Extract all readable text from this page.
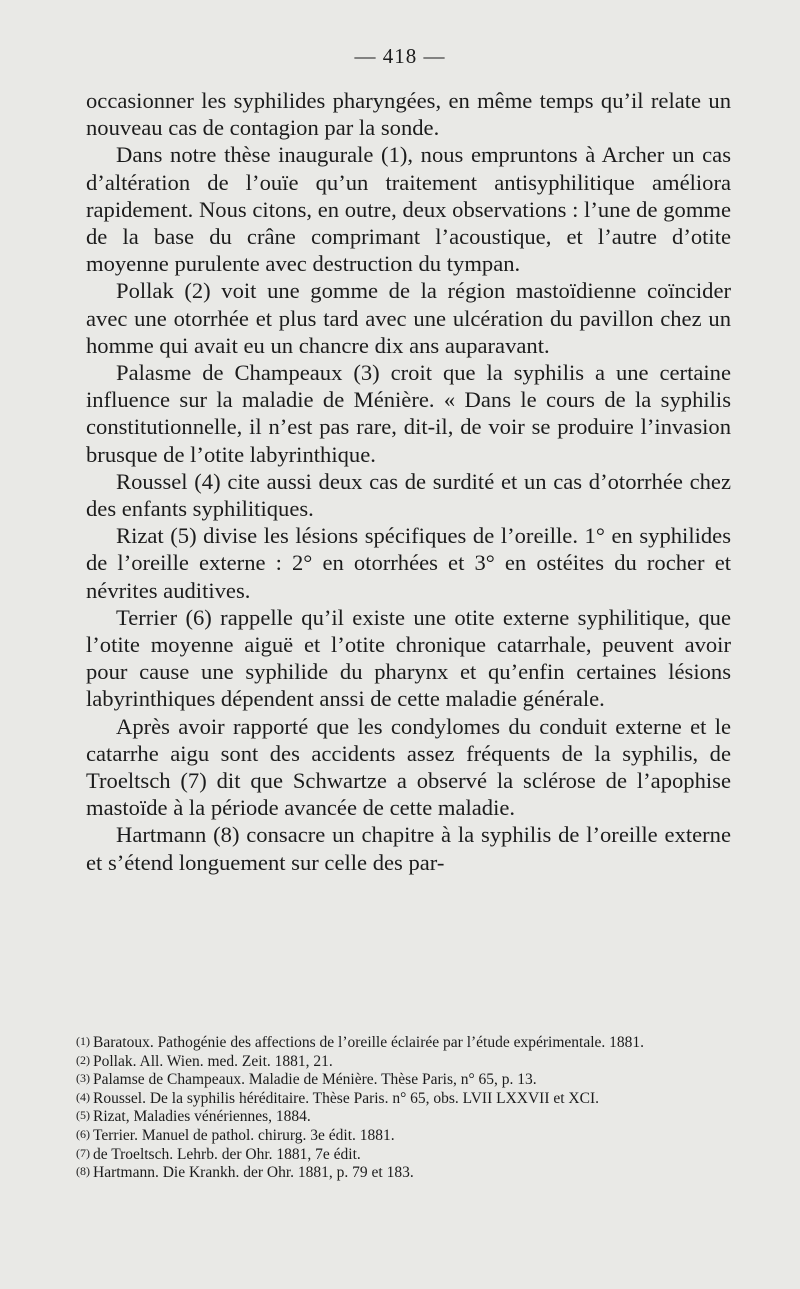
— 418 —

occasionner les syphilides pharyngées, en même temps qu’il relate un nouveau cas de contagion par la sonde.

Dans notre thèse inaugurale (1), nous empruntons à Archer un cas d’altération de l’ouïe qu’un traitement antisyphilitique améliora rapidement. Nous citons, en outre, deux observations : l’une de gomme de la base du crâne comprimant l’acoustique, et l’autre d’otite moyenne purulente avec destruction du tympan.

Pollak (2) voit une gomme de la région mastoïdienne coïncider avec une otorrhée et plus tard avec une ulcération du pavillon chez un homme qui avait eu un chancre dix ans auparavant.

Palasme de Champeaux (3) croit que la syphilis a une certaine influence sur la maladie de Ménière. « Dans le cours de la syphilis constitutionnelle, il n’est pas rare, dit-il, de voir se produire l’invasion brusque de l’otite labyrinthique.

Roussel (4) cite aussi deux cas de surdité et un cas d’otorrhée chez des enfants syphilitiques.

Rizat (5) divise les lésions spécifiques de l’oreille. 1° en syphilides de l’oreille externe : 2° en otorrhées et 3° en ostéites du rocher et névrites auditives.

Terrier (6) rappelle qu’il existe une otite externe syphilitique, que l’otite moyenne aiguë et l’otite chronique catarrhale, peuvent avoir pour cause une syphilide du pharynx et qu’enfin certaines lésions labyrinthiques dépendent anssi de cette maladie générale.

Après avoir rapporté que les condylomes du conduit externe et le catarrhe aigu sont des accidents assez fréquents de la syphilis, de Troeltsch (7) dit que Schwartze a observé la sclérose de l’apophise mastoïde à la période avancée de cette maladie.

Hartmann (8) consacre un chapitre à la syphilis de l’oreille externe et s’étend longuement sur celle des par-

(1) Baratoux. Pathogénie des affections de l’oreille éclairée par l’étude expérimentale. 1881.

(2) Pollak. All. Wien. med. Zeit. 1881, 21.

(3) Palamse de Champeaux. Maladie de Ménière. Thèse Paris, n° 65, p. 13.

(4) Roussel. De la syphilis héréditaire. Thèse Paris. n° 65, obs. LVII LXXVII et XCI.

(5) Rizat, Maladies vénériennes, 1884.

(6) Terrier. Manuel de pathol. chirurg. 3e édit. 1881.

(7) de Troeltsch. Lehrb. der Ohr. 1881, 7e édit.

(8) Hartmann. Die Krankh. der Ohr. 1881, p. 79 et 183.
